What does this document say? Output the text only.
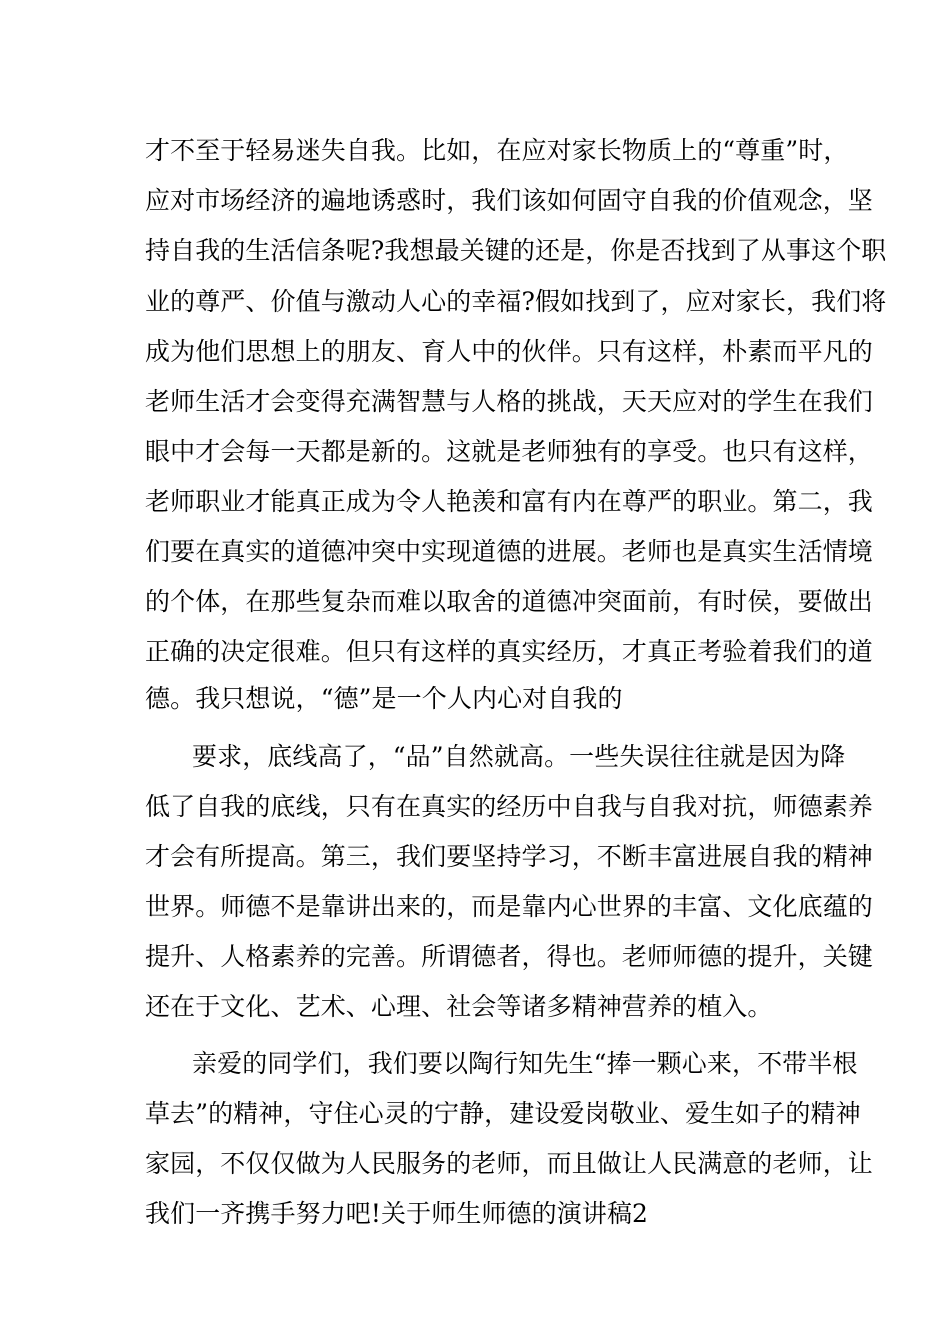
才不至于轻易迷失自我。比如，在应对家长物质上的“尊重”时，
应对市场经济的遍地诱惑时，我们该如何固守自我的价值观念，坚
持自我的生活信条呢?我想最关键的还是，你是否找到了从事这个职
业的尊严、价值与激动人心的幸福?假如找到了，应对家长，我们将
成为他们思想上的朋友、育人中的伙伴。只有这样，朴素而平凡的
老师生活才会变得充满智慧与人格的挑战，天天应对的学生在我们
眼中才会每一天都是新的。这就是老师独有的享受。也只有这样，
老师职业才能真正成为令人艳羡和富有内在尊严的职业。第二，我
们要在真实的道德冲突中实现道德的进展。老师也是真实生活情境
的个体，在那些复杂而难以取舍的道德冲突面前，有时侯，要做出
正确的决定很难。但只有这样的真实经历，才真正考验着我们的道
德。我只想说，“德”是一个人内心对自我的
要求，底线高了，“品”自然就高。一些失误往往就是因为降
低了自我的底线，只有在真实的经历中自我与自我对抗，师德素养
才会有所提高。第三，我们要坚持学习，不断丰富进展自我的精神
世界。师德不是靠讲出来的，而是靠内心世界的丰富、文化底蕴的
提升、人格素养的完善。所谓德者，得也。老师师德的提升，关键
还在于文化、艺术、心理、社会等诸多精神营养的植入。
亲爱的同学们，我们要以陶行知先生“捧一颗心来，不带半根
草去”的精神，守住心灵的宁静，建设爱岗敬业、爱生如子的精神
家园，不仅仅做为人民服务的老师，而且做让人民满意的老师，让
我们一齐携手努力吧!关于师生师德的演讲稿2
